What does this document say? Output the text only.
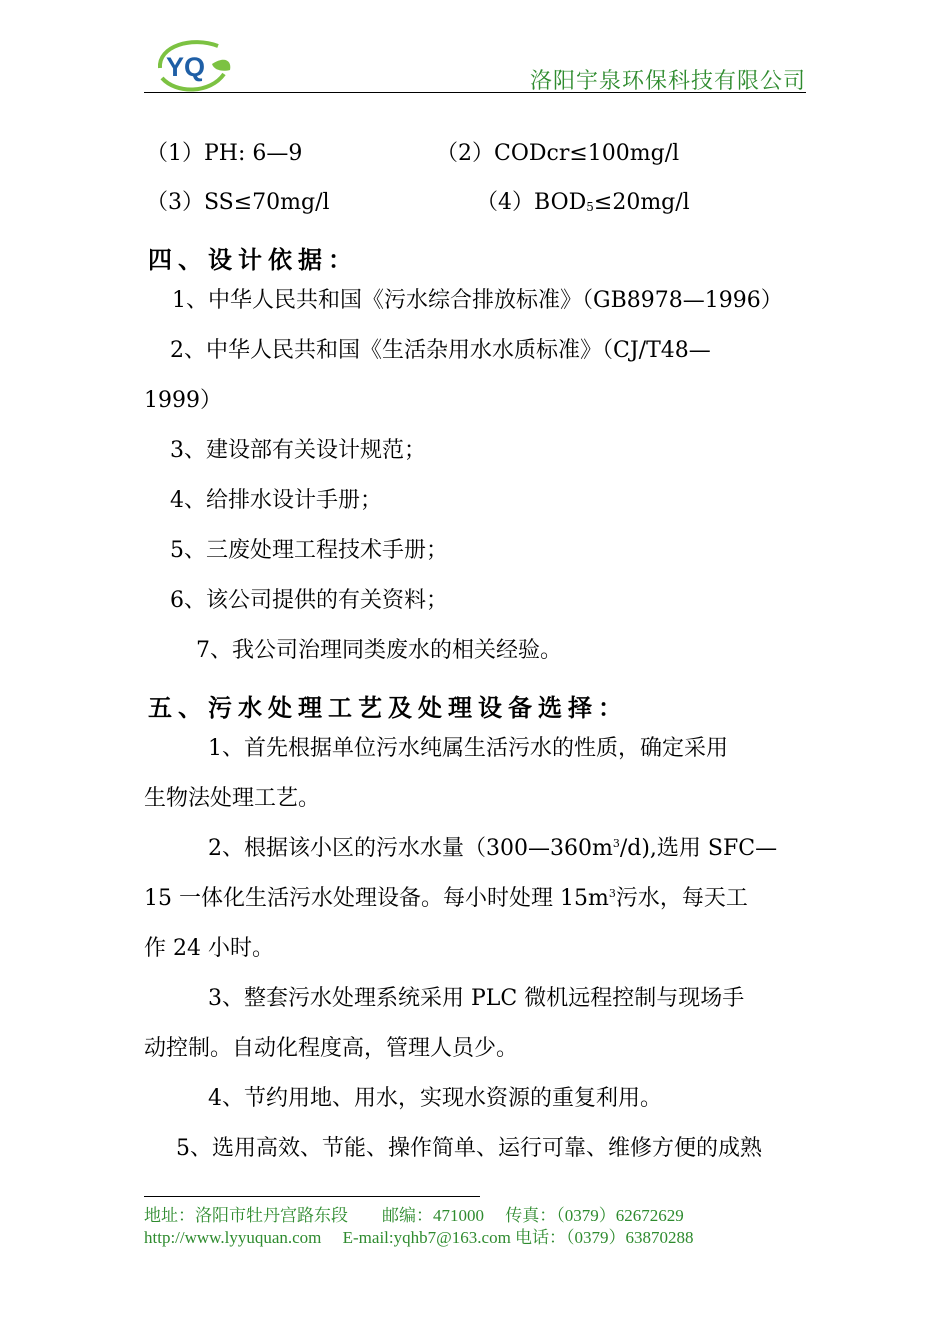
YQ	洛阳宇泉环保科技有限公司
（1）PH: 6—9	（2）CODcr≤100mg/l
（3）SS≤70mg/l	$(4)BOD_5\le 20mg/l$
四、设计依据：
1、中华人民共和国《污水综合排放标准》（GB8978—1996）
2、中华人民共和国《生活杂用水水质标准》（CJ/T48—
1999）
3、建设部有关设计规范；
4、给排水设计手册；
5、三废处理工程技术手册；
6、该公司提供的有关资料；
7、我公司治理同类废水的相关经验。
五、污水处理工艺及处理设备选择：
1、首先根据单位污水纯属生活污水的性质，确定采用
生物法处理工艺。
2、根据该小区的污水水量$(300—360m^3/d)$,选用 SFC—
15 一体化生活污水处理设备。每小时处理 $15m^3$污水，每天工
作 24 小时。
3、整套污水处理系统采用 PLC 微机远程控制与现场手
动控制。自动化程度高，管理人员少。
4、节约用地、用水，实现水资源的重复利用。
5、选用高效、节能、操作简单、运行可靠、维修方便的成熟
地址：洛阳市牡丹宫路东段　　邮编：471000　 传真：（0379）62672629
http://www.lyyuquan.com　 E-mail:yqhb7@163.com 电话：（0379）63870288
